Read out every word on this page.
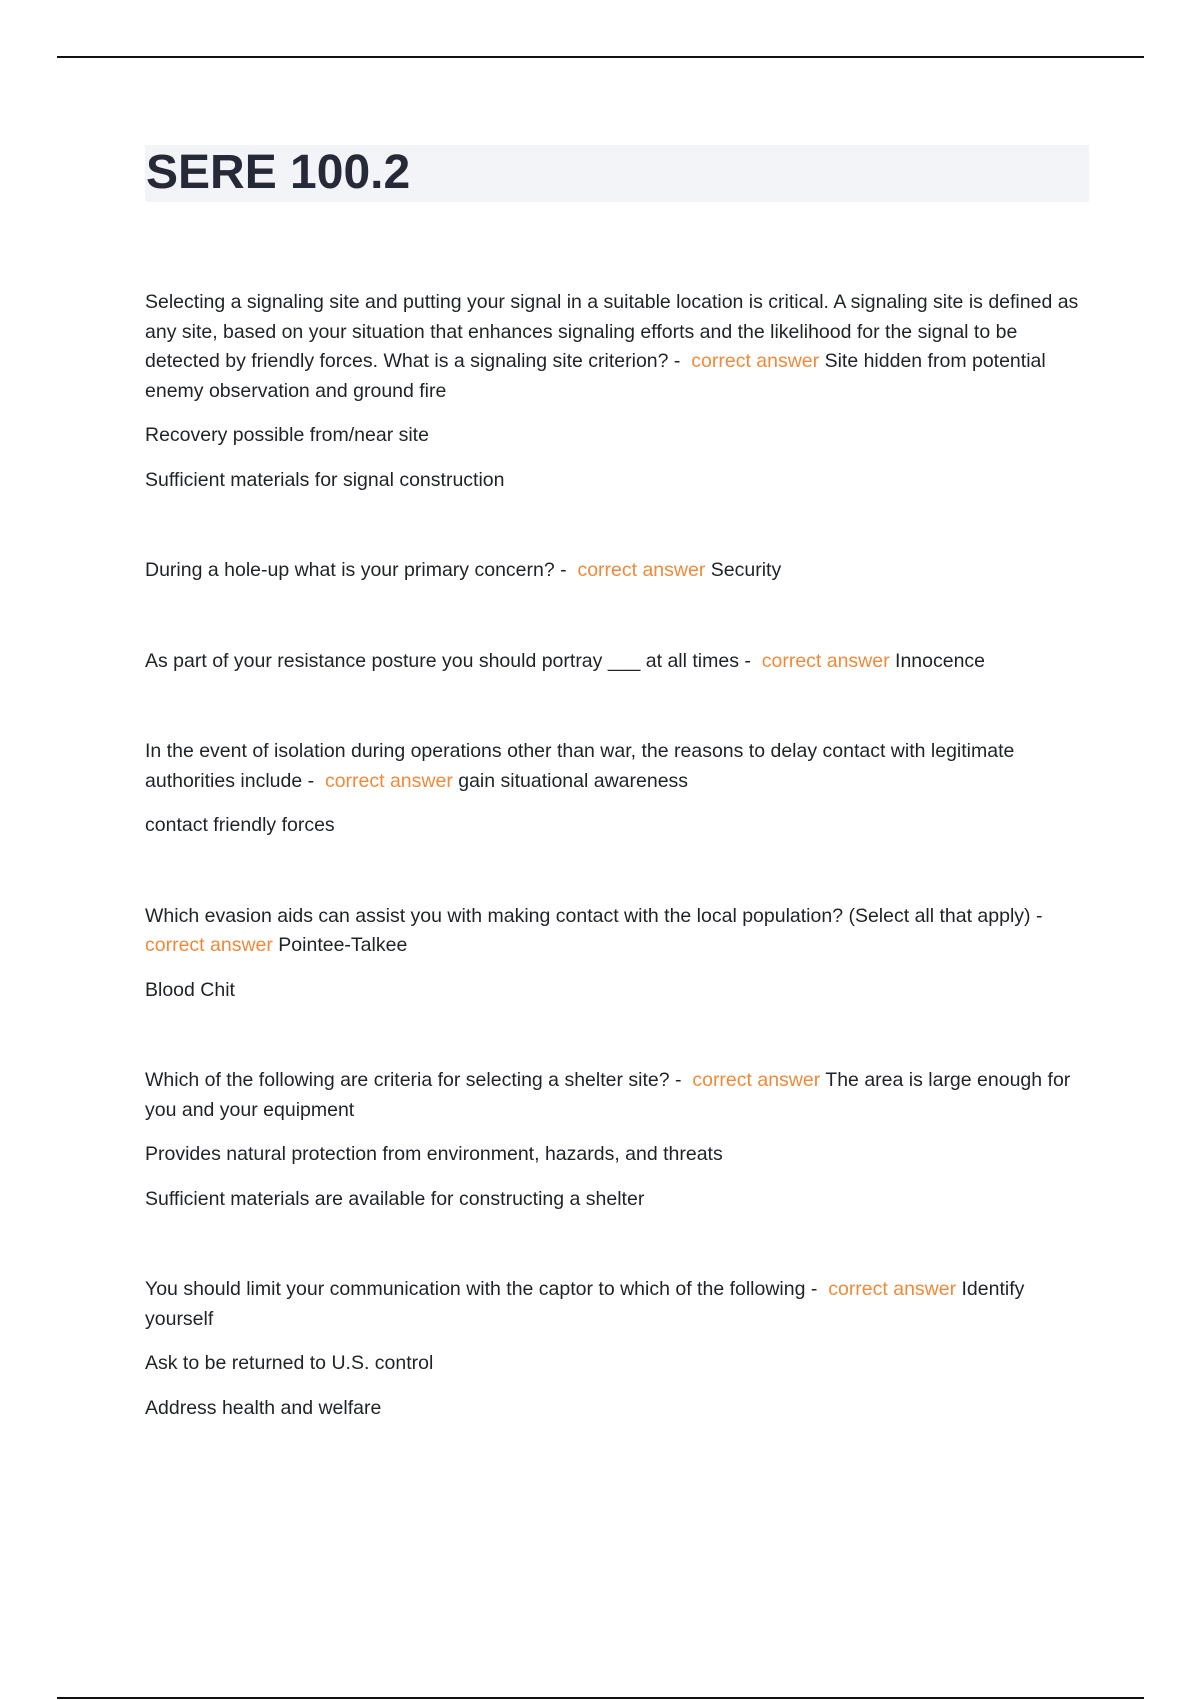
SERE 100.2

Selecting a signaling site and putting your signal in a suitable location is critical. A signaling site is defined as any site, based on your situation that enhances signaling efforts and the likelihood for the signal to be detected by friendly forces. What is a signaling site criterion? - correct answer Site hidden from potential enemy observation and ground fire

Recovery possible from/near site

Sufficient materials for signal construction

During a hole-up what is your primary concern? - correct answer Security

As part of your resistance posture you should portray ___ at all times - correct answer Innocence

In the event of isolation during operations other than war, the reasons to delay contact with legitimate authorities include - correct answer gain situational awareness

contact friendly forces

Which evasion aids can assist you with making contact with the local population? (Select all that apply) - correct answer Pointee-Talkee

Blood Chit

Which of the following are criteria for selecting a shelter site? - correct answer The area is large enough for you and your equipment

Provides natural protection from environment, hazards, and threats

Sufficient materials are available for constructing a shelter

You should limit your communication with the captor to which of the following - correct answer Identify yourself

Ask to be returned to U.S. control

Address health and welfare
